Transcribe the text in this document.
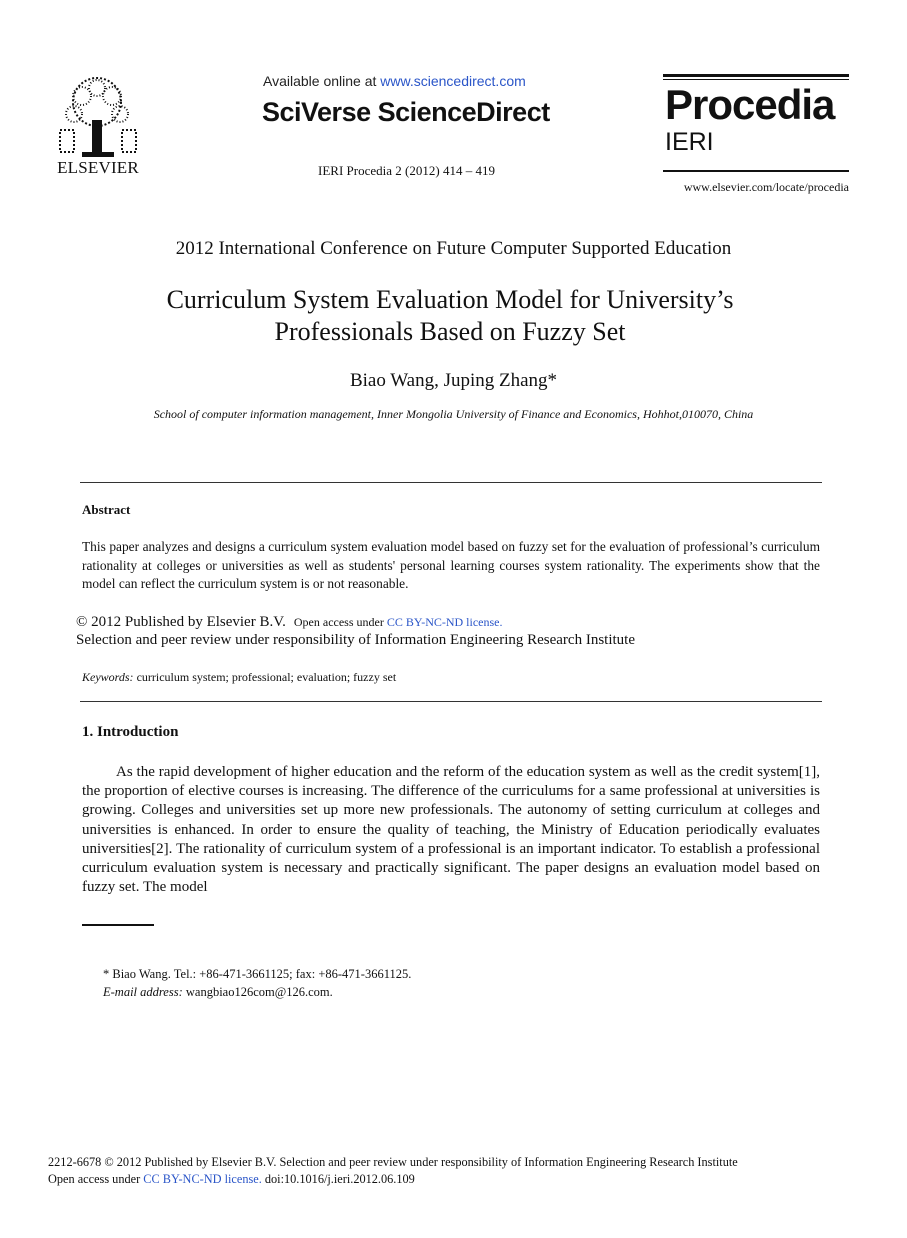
ELSEVIER
Available online at www.sciencedirect.com
SciVerse ScienceDirect
IERI Procedia 2 (2012) 414 – 419
Procedia
IERI
www.elsevier.com/locate/procedia
2012 International Conference on Future Computer Supported Education
Curriculum System Evaluation Model for University’s
Professionals Based on Fuzzy Set
Biao Wang, Juping Zhang*
School of computer information management, Inner Mongolia University of Finance and Economics, Hohhot,010070, China
Abstract
This paper analyzes and designs a curriculum system evaluation model based on fuzzy set for the evaluation of professional’s curriculum rationality at colleges or universities as well as students' personal learning courses system rationality. The experiments show that the model can reflect the curriculum system is or not reasonable.
© 2012 Published by Elsevier B.V. Open access under CC BY-NC-ND license.
Selection and peer review under responsibility of Information Engineering Research Institute
Keywords: curriculum system; professional; evaluation; fuzzy set
1. Introduction
As the rapid development of higher education and the reform of the education system as well as the credit system[1], the proportion of elective courses is increasing. The difference of the curriculums for a same professional at universities is growing. Colleges and universities set up more new professionals. The autonomy of setting curriculum at colleges and universities is enhanced. In order to ensure the quality of teaching, the Ministry of Education periodically evaluates universities[2]. The rationality of curriculum system of a professional is an important indicator. To establish a professional curriculum evaluation system is necessary and practically significant. The paper designs an evaluation model based on fuzzy set. The model
* Biao Wang. Tel.: +86-471-3661125; fax: +86-471-3661125.
E-mail address: wangbiao126com@126.com.
2212-6678 © 2012 Published by Elsevier B.V. Selection and peer review under responsibility of Information Engineering Research Institute
Open access under CC BY-NC-ND license. doi:10.1016/j.ieri.2012.06.109
